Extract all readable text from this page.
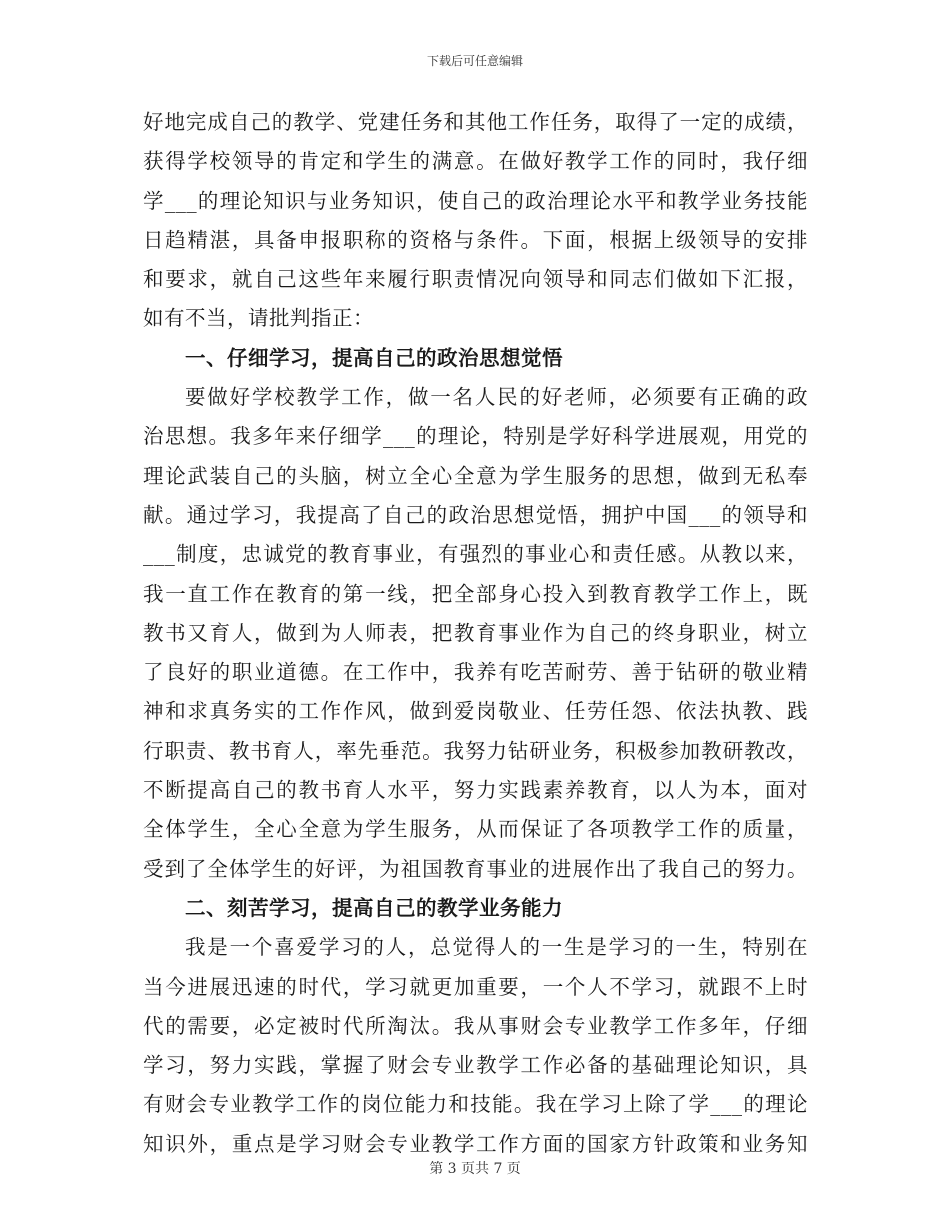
下载后可任意编辑
好地完成自己的教学、党建任务和其他工作任务，取得了一定的成绩，
获得学校领导的肯定和学生的满意。在做好教学工作的同时，我仔细
学___的理论知识与业务知识，使自己的政治理论水平和教学业务技能
日趋精湛，具备申报职称的资格与条件。下面，根据上级领导的安排
和要求，就自己这些年来履行职责情况向领导和同志们做如下汇报，
如有不当，请批判指正：
一、仔细学习，提高自己的政治思想觉悟
要做好学校教学工作，做一名人民的好老师，必须要有正确的政
治思想。我多年来仔细学___的理论，特别是学好科学进展观，用党的
理论武装自己的头脑，树立全心全意为学生服务的思想，做到无私奉
献。通过学习，我提高了自己的政治思想觉悟，拥护中国___的领导和
___制度，忠诚党的教育事业，有强烈的事业心和责任感。从教以来，
我一直工作在教育的第一线，把全部身心投入到教育教学工作上，既
教书又育人，做到为人师表，把教育事业作为自己的终身职业，树立
了良好的职业道德。在工作中，我养有吃苦耐劳、善于钻研的敬业精
神和求真务实的工作作风，做到爱岗敬业、任劳任怨、依法执教、践
行职责、教书育人，率先垂范。我努力钻研业务，积极参加教研教改，
不断提高自己的教书育人水平，努力实践素养教育，以人为本，面对
全体学生，全心全意为学生服务，从而保证了各项教学工作的质量，
受到了全体学生的好评，为祖国教育事业的进展作出了我自己的努力。
二、刻苦学习，提高自己的教学业务能力
我是一个喜爱学习的人，总觉得人的一生是学习的一生，特别在
当今进展迅速的时代，学习就更加重要，一个人不学习，就跟不上时
代的需要，必定被时代所淘汰。我从事财会专业教学工作多年，仔细
学习，努力实践，掌握了财会专业教学工作必备的基础理论知识，具
有财会专业教学工作的岗位能力和技能。我在学习上除了学___的理论
知识外，重点是学习财会专业教学工作方面的国家方针政策和业务知
第 3 页共 7 页
